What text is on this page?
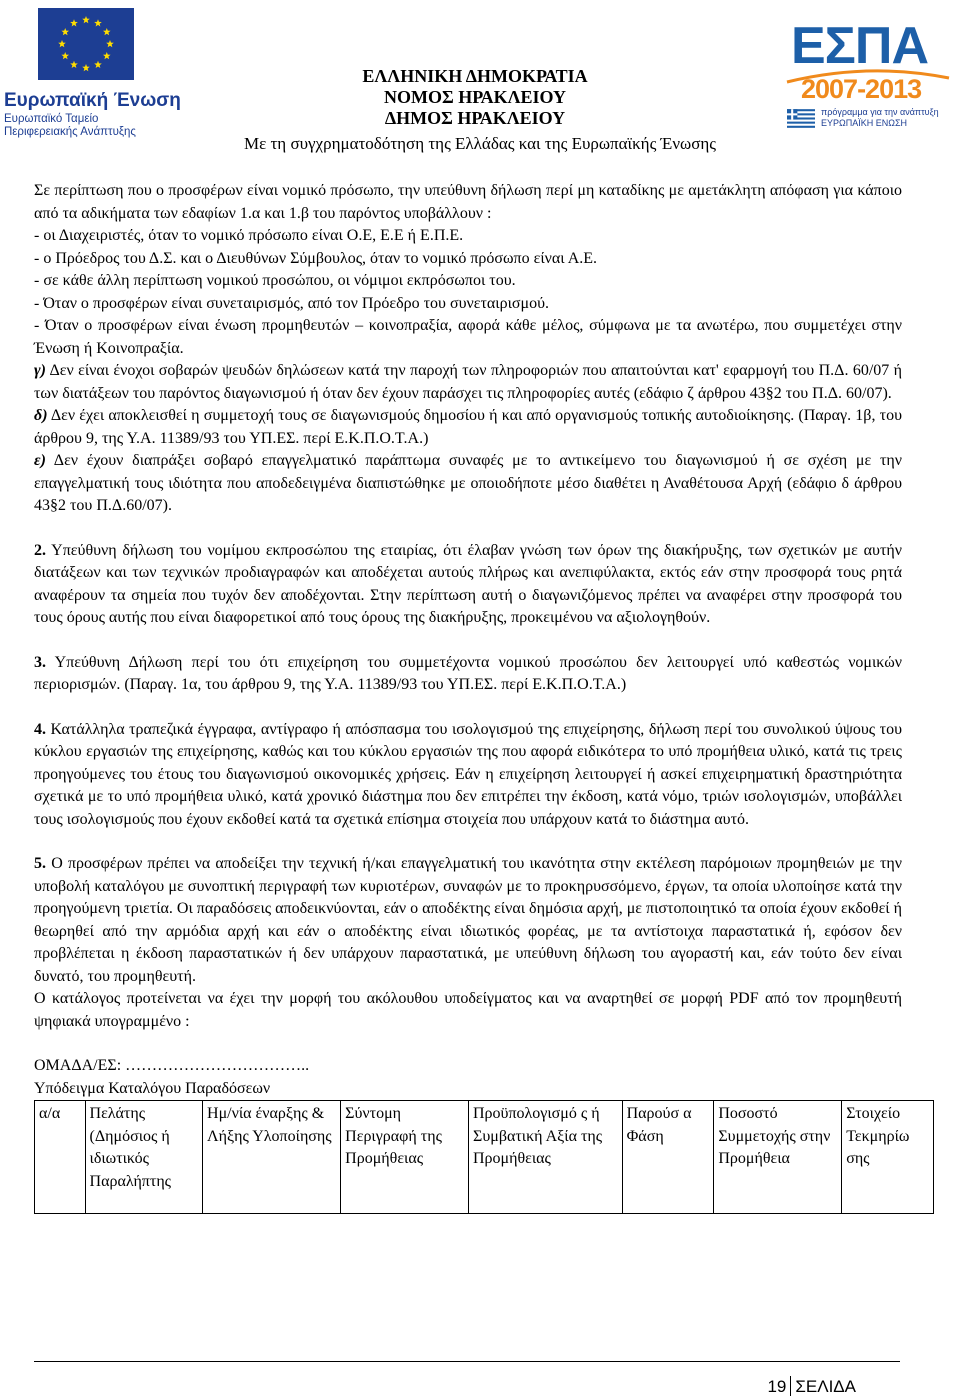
Ευρωπαϊκή Ένωση
Ευρωπαϊκό Ταμείο
Περιφερειακής Ανάπτυξης
ΕΛΛΗΝΙΚΗ ΔΗΜΟΚΡΑΤΙΑ
ΝΟΜΟΣ ΗΡΑΚΛΕΙΟΥ
ΔΗΜΟΣ ΗΡΑΚΛΕΙΟΥ
Με τη συγχρηματοδότηση της Ελλάδας και της Ευρωπαϊκής Ένωσης
ΕΣΠΑ
2007-2013
πρόγραμμα για την ανάπτυξη
ΕΥΡΩΠΑΪΚΗ ΕΝΩΣΗ

Σε περίπτωση που ο προσφέρων είναι νομικό πρόσωπο, την υπεύθυνη δήλωση περί μη καταδίκης με αμετάκλητη απόφαση για κάποιο από τα αδικήματα των εδαφίων 1.α και 1.β του παρόντος υποβάλλουν :

- οι Διαχειριστές, όταν το νομικό πρόσωπο είναι Ο.Ε, Ε.Ε ή Ε.Π.Ε.

- ο Πρόεδρος του Δ.Σ. και ο Διευθύνων Σύμβουλος, όταν το νομικό πρόσωπο είναι Α.Ε.

- σε κάθε άλλη περίπτωση νομικού προσώπου, οι νόμιμοι εκπρόσωποι του.

- Όταν ο προσφέρων είναι συνεταιρισμός, από τον Πρόεδρο του συνεταιρισμού.

- Όταν ο προσφέρων είναι ένωση προμηθευτών – κοινοπραξία, αφορά κάθε μέλος, σύμφωνα με τα ανωτέρω, που συμμετέχει στην Ένωση ή Κοινοπραξία.

γ) Δεν είναι ένοχοι σοβαρών ψευδών δηλώσεων κατά την παροχή των πληροφοριών που απαιτούνται κατ' εφαρμογή του Π.Δ. 60/07 ή των διατάξεων του παρόντος διαγωνισμού ή όταν δεν έχουν παράσχει τις πληροφορίες αυτές (εδάφιο ζ άρθρου 43§2 του Π.Δ. 60/07).

δ) Δεν έχει αποκλεισθεί η συμμετοχή τους σε διαγωνισμούς δημοσίου ή και από οργανισμούς τοπικής αυτοδιοίκησης. (Παραγ. 1β, του άρθρου 9, της Υ.Α. 11389/93 του ΥΠ.ΕΣ. περί Ε.Κ.Π.Ο.Τ.Α.)

ε) Δεν έχουν διαπράξει σοβαρό επαγγελματικό παράπτωμα συναφές με το αντικείμενο του διαγωνισμού ή σε σχέση με την επαγγελματική τους ιδιότητα που αποδεδειγμένα διαπιστώθηκε με οποιοδήποτε μέσο διαθέτει η Αναθέτουσα Αρχή (εδάφιο δ άρθρου 43§2 του Π.Δ.60/07).

2. Υπεύθυνη δήλωση του νομίμου εκπροσώπου της εταιρίας, ότι έλαβαν γνώση των όρων της διακήρυξης, των σχετικών με αυτήν διατάξεων και των τεχνικών προδιαγραφών και αποδέχεται αυτούς πλήρως και ανεπιφύλακτα, εκτός εάν στην προσφορά τους ρητά αναφέρουν τα σημεία που τυχόν δεν αποδέχονται. Στην περίπτωση αυτή ο διαγωνιζόμενος πρέπει να αναφέρει στην προσφορά του τους όρους αυτής που είναι διαφορετικοί από τους όρους της διακήρυξης, προκειμένου να αξιολογηθούν.

3. Υπεύθυνη Δήλωση περί του ότι επιχείρηση του συμμετέχοντα νομικού προσώπου δεν λειτουργεί υπό καθεστώς νομικών περιορισμών. (Παραγ. 1α, του άρθρου 9, της Υ.Α. 11389/93 του ΥΠ.ΕΣ. περί Ε.Κ.Π.Ο.Τ.Α.)

4. Κατάλληλα τραπεζικά έγγραφα, αντίγραφο ή απόσπασμα του ισολογισμού της επιχείρησης, δήλωση περί του συνολικού ύψους του κύκλου εργασιών της επιχείρησης, καθώς και του κύκλου εργασιών της που αφορά ειδικότερα το υπό προμήθεια υλικό, κατά τις τρεις προηγούμενες του έτους του διαγωνισμού οικονομικές χρήσεις. Εάν η επιχείρηση λειτουργεί ή ασκεί επιχειρηματική δραστηριότητα σχετικά με το υπό προμήθεια υλικό, κατά χρονικό διάστημα που δεν επιτρέπει την έκδοση, κατά νόμο, τριών ισολογισμών, υποβάλλει τους ισολογισμούς που έχουν εκδοθεί κατά τα σχετικά επίσημα στοιχεία που υπάρχουν κατά το διάστημα αυτό.

5. Ο προσφέρων πρέπει να αποδείξει την τεχνική ή/και επαγγελματική του ικανότητα στην εκτέλεση παρόμοιων προμηθειών με την υποβολή καταλόγου με συνοπτική περιγραφή των κυριοτέρων, συναφών με το προκηρυσσόμενο, έργων, τα οποία υλοποίησε κατά την προηγούμενη τριετία. Οι παραδόσεις αποδεικνύονται, εάν ο αποδέκτης είναι δημόσια αρχή, με πιστοποιητικό τα οποία έχουν εκδοθεί ή θεωρηθεί από την αρμόδια αρχή και εάν ο αποδέκτης είναι ιδιωτικός φορέας, με τα αντίστοιχα παραστατικά ή, εφόσον δεν προβλέπεται η έκδοση παραστατικών ή δεν υπάρχουν παραστατικά, με υπεύθυνη δήλωση του αγοραστή και, εάν τούτο δεν είναι δυνατό, του προμηθευτή.

Ο κατάλογος προτείνεται να έχει την μορφή του ακόλουθου υποδείγματος και να αναρτηθεί σε μορφή PDF από τον προμηθευτή ψηφιακά υπογραμμένο :

ΟΜΑΔΑ/ΕΣ: ……………………………..

Υπόδειγμα Καταλόγου Παραδόσεων

α/α	Πελάτης (Δημόσιος ή ιδιωτικός Παραλήπτης	Ημ/νία έναρξης & Λήξης Υλοποίησης	Σύντομη Περιγραφή της Προμήθειας	Προϋπολογισμό ς ή Συμβατική Αξία της Προμήθειας	Παρούσ α Φάση	Ποσοστό Συμμετοχής στην Προμήθεια	Στοιχείο Τεκμηρίω σης
19 ΣΕΛΙΔΑ
